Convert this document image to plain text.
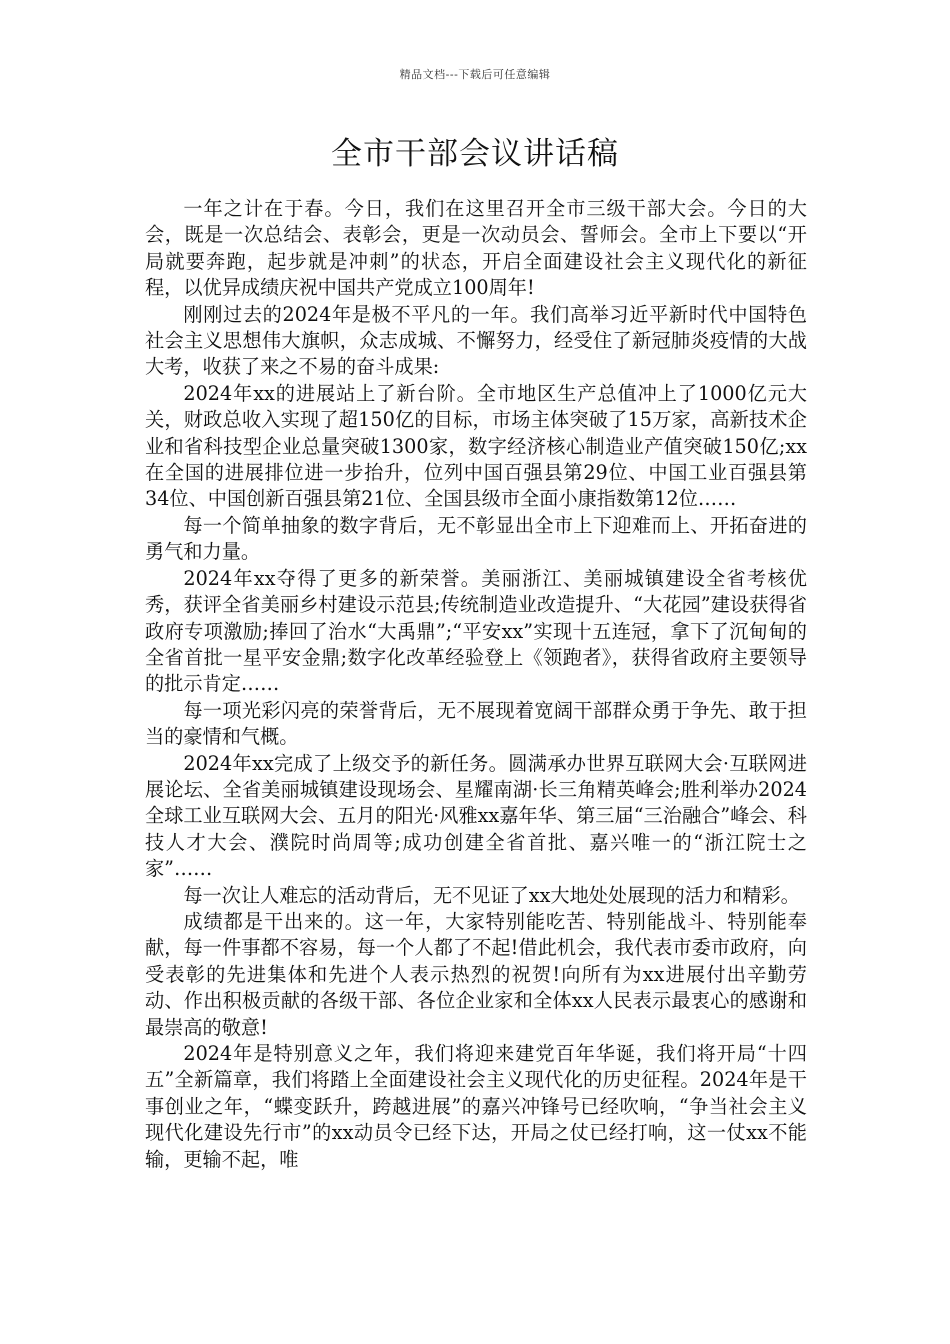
精品文档---下载后可任意编辑
全市干部会议讲话稿

一年之计在于春。今日，我们在这里召开全市三级干部大会。今日的大会，既是一次总结会、表彰会，更是一次动员会、誓师会。全市上下要以“开局就要奔跑，起步就是冲刺”的状态，开启全面建设社会主义现代化的新征程，以优异成绩庆祝中国共产党成立100周年!

刚刚过去的2024年是极不平凡的一年。我们高举习近平新时代中国特色社会主义思想伟大旗帜，众志成城、不懈努力，经受住了新冠肺炎疫情的大战大考，收获了来之不易的奋斗成果:

2024年xx的进展站上了新台阶。全市地区生产总值冲上了1000亿元大关，财政总收入实现了超150亿的目标，市场主体突破了15万家，高新技术企业和省科技型企业总量突破1300家，数字经济核心制造业产值突破150亿;xx在全国的进展排位进一步抬升，位列中国百强县第29位、中国工业百强县第34位、中国创新百强县第21位、全国县级市全面小康指数第12位……

每一个简单抽象的数字背后，无不彰显出全市上下迎难而上、开拓奋进的勇气和力量。

2024年xx夺得了更多的新荣誉。美丽浙江、美丽城镇建设全省考核优秀，获评全省美丽乡村建设示范县;传统制造业改造提升、“大花园”建设获得省政府专项激励;捧回了治水“大禹鼎”;“平安xx”实现十五连冠，拿下了沉甸甸的全省首批一星平安金鼎;数字化改革经验登上《领跑者》，获得省政府主要领导的批示肯定……

每一项光彩闪亮的荣誉背后，无不展现着宽阔干部群众勇于争先、敢于担当的豪情和气概。

2024年xx完成了上级交予的新任务。圆满承办世界互联网大会·互联网进展论坛、全省美丽城镇建设现场会、星耀南湖·长三角精英峰会;胜利举办2024全球工业互联网大会、五月的阳光·风雅xx嘉年华、第三届“三治融合”峰会、科技人才大会、濮院时尚周等;成功创建全省首批、嘉兴唯一的“浙江院士之家”……

每一次让人难忘的活动背后，无不见证了xx大地处处展现的活力和精彩。

成绩都是干出来的。这一年，大家特别能吃苦、特别能战斗、特别能奉献，每一件事都不容易，每一个人都了不起!借此机会，我代表市委市政府，向受表彰的先进集体和先进个人表示热烈的祝贺!向所有为xx进展付出辛勤劳动、作出积极贡献的各级干部、各位企业家和全体xx人民表示最衷心的感谢和最崇高的敬意!

2024年是特别意义之年，我们将迎来建党百年华诞，我们将开局“十四五”全新篇章，我们将踏上全面建设社会主义现代化的历史征程。2024年是干事创业之年，“蝶变跃升，跨越进展”的嘉兴冲锋号已经吹响，“争当社会主义现代化建设先行市”的xx动员令已经下达，开局之仗已经打响，这一仗xx不能输，更输不起，唯
